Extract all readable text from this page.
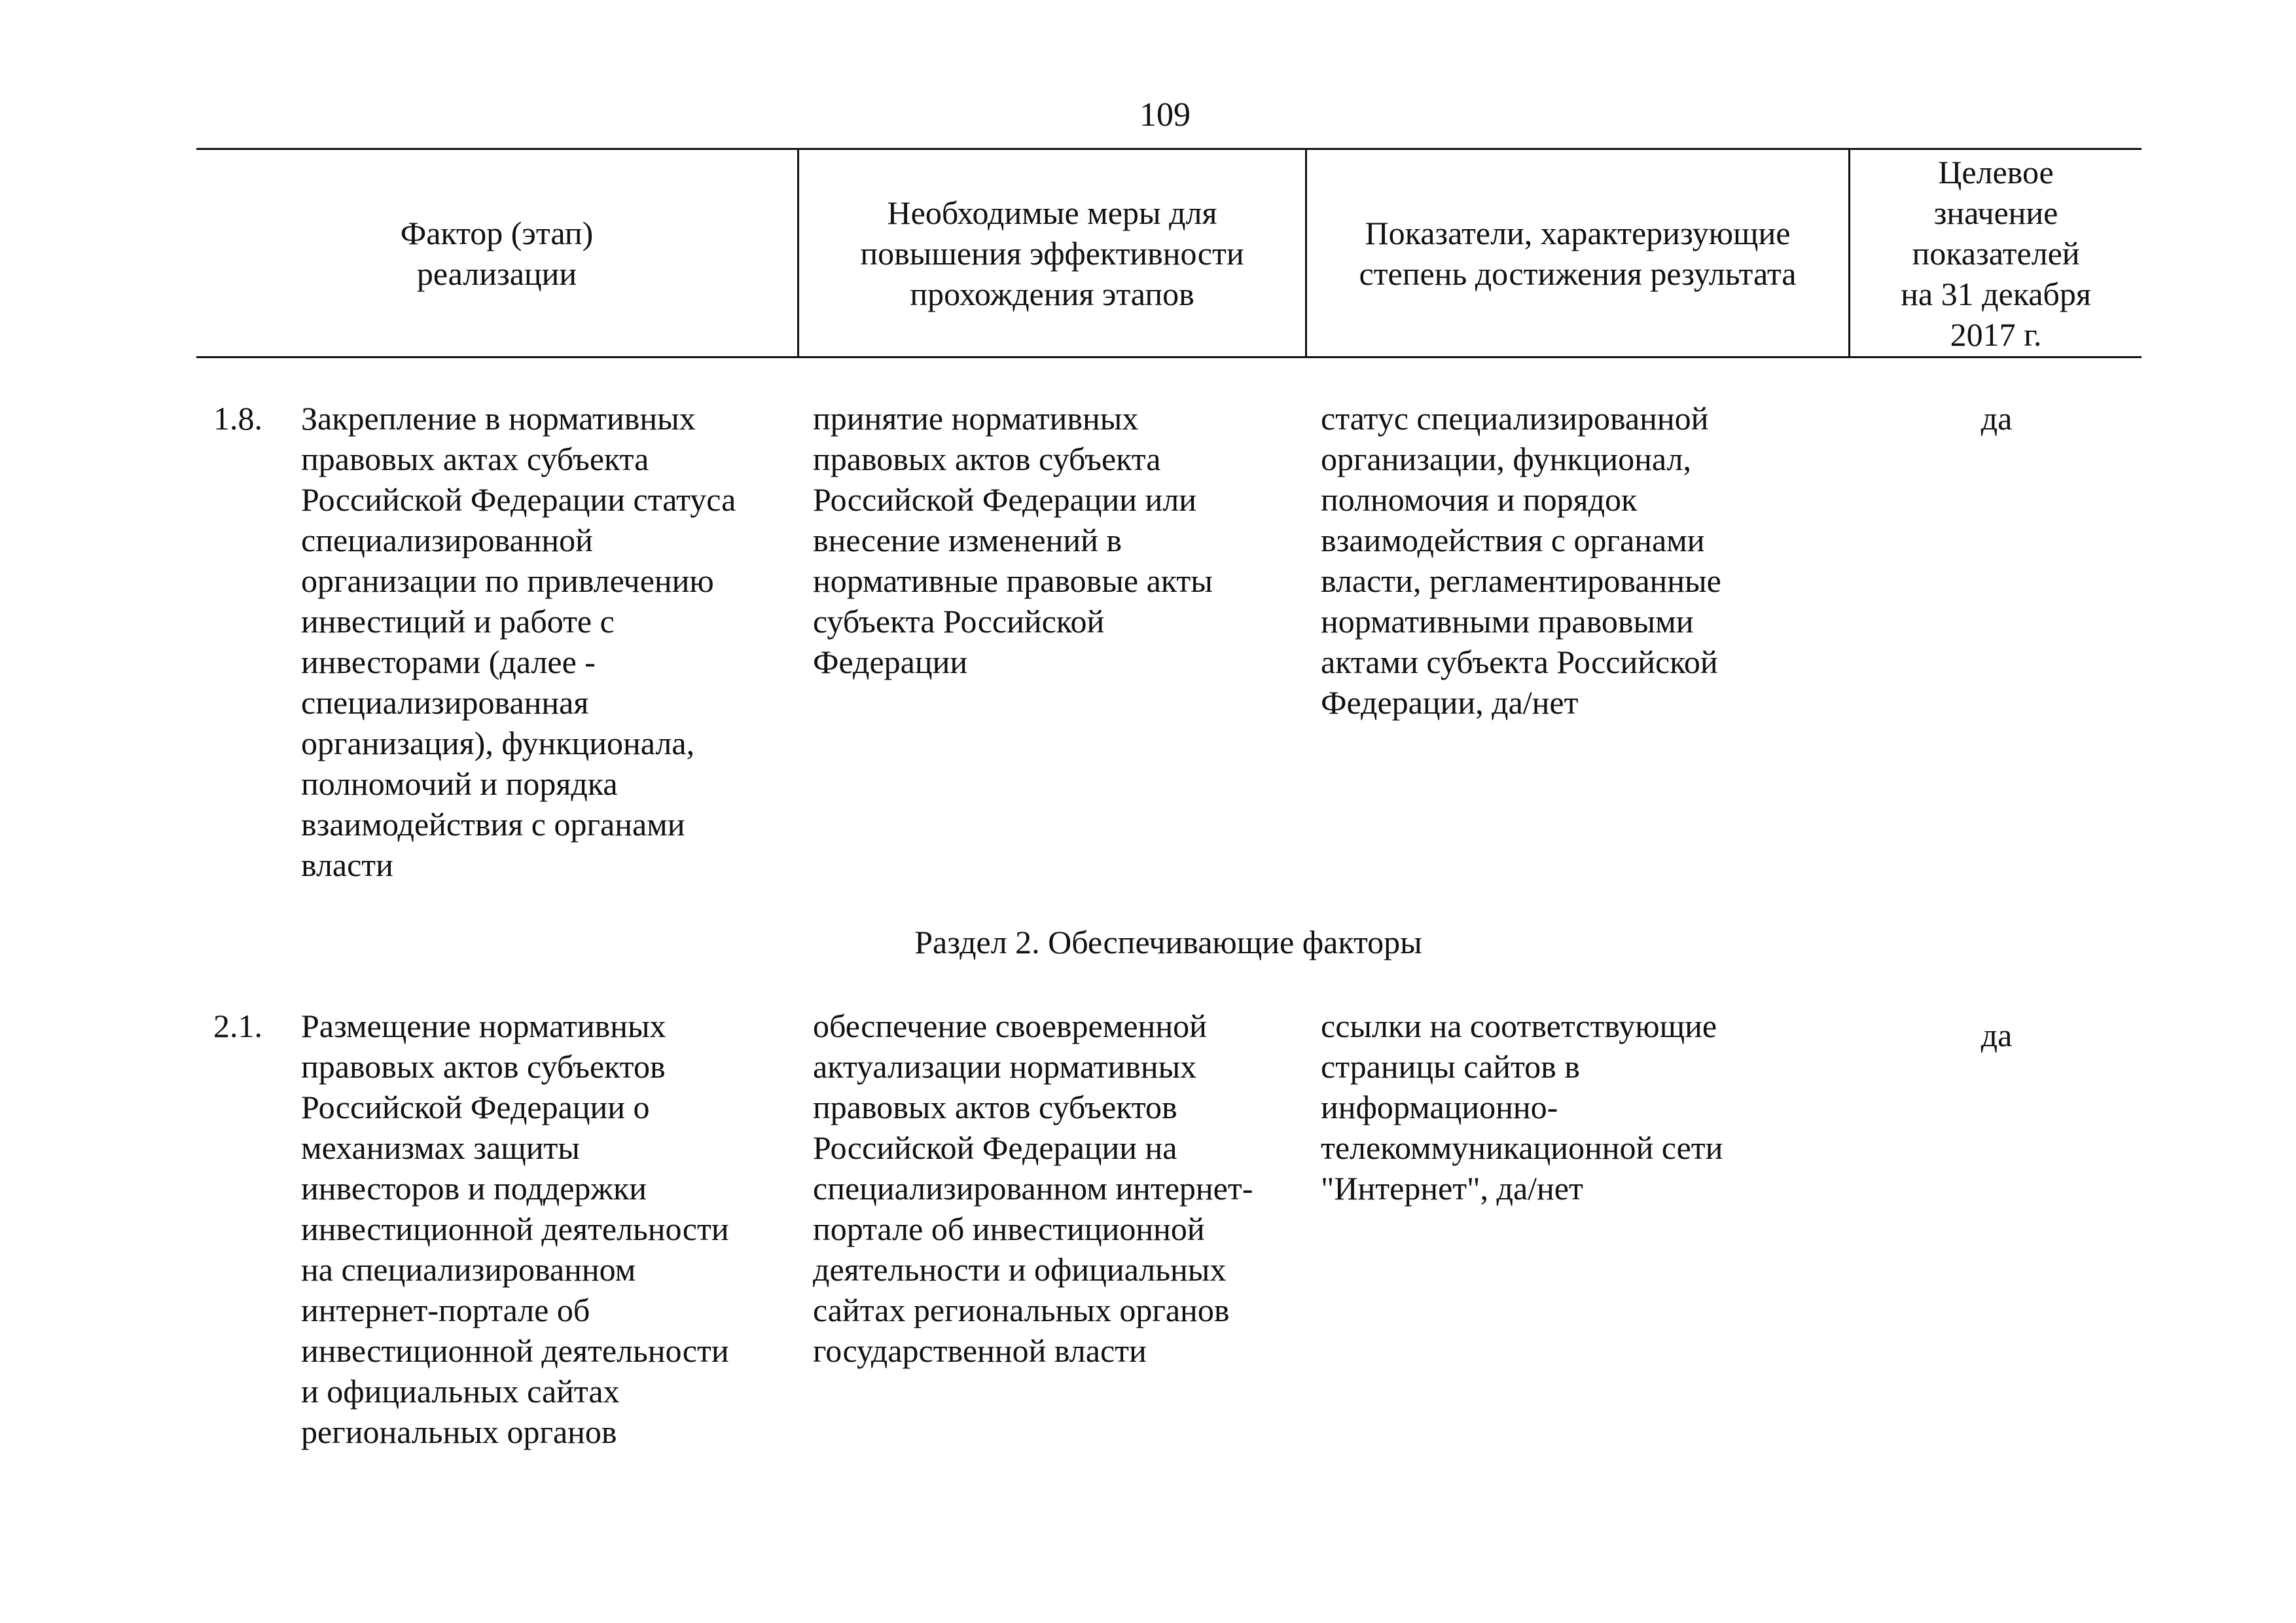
109
Фактор (этап)
реализации
Необходимые меры для
повышения эффективности
прохождения этапов
Показатели, характеризующие
степень достижения результата
Целевое
значение
показателей
на 31 декабря
2017 г.
1.8.	Закрепление в нормативных
правовых актах субъекта
Российской Федерации статуса
специализированной
организации по привлечению
инвестиций и работе с
инвесторами (далее -
специализированная
организация), функционала,
полномочий и порядка
взаимодействия с органами
власти
принятие нормативных
правовых актов субъекта
Российской Федерации или
внесение изменений в
нормативные правовые акты
субъекта Российской
Федерации
статус специализированной
организации, функционал,
полномочия и порядок
взаимодействия с органами
власти, регламентированные
нормативными правовыми
актами субъекта Российской
Федерации, да/нет
да
Раздел 2. Обеспечивающие факторы
2.1.	Размещение нормативных
правовых актов субъектов
Российской Федерации о
механизмах защиты
инвесторов и поддержки
инвестиционной деятельности
на специализированном
интернет-портале об
инвестиционной деятельности
и официальных сайтах
региональных органов
обеспечение своевременной
актуализации нормативных
правовых актов субъектов
Российской Федерации на
специализированном интернет-
портале об инвестиционной
деятельности и официальных
сайтах региональных органов
государственной власти
ссылки на соответствующие
страницы сайтов в
информационно-
телекоммуникационной сети
"Интернет", да/нет
да
